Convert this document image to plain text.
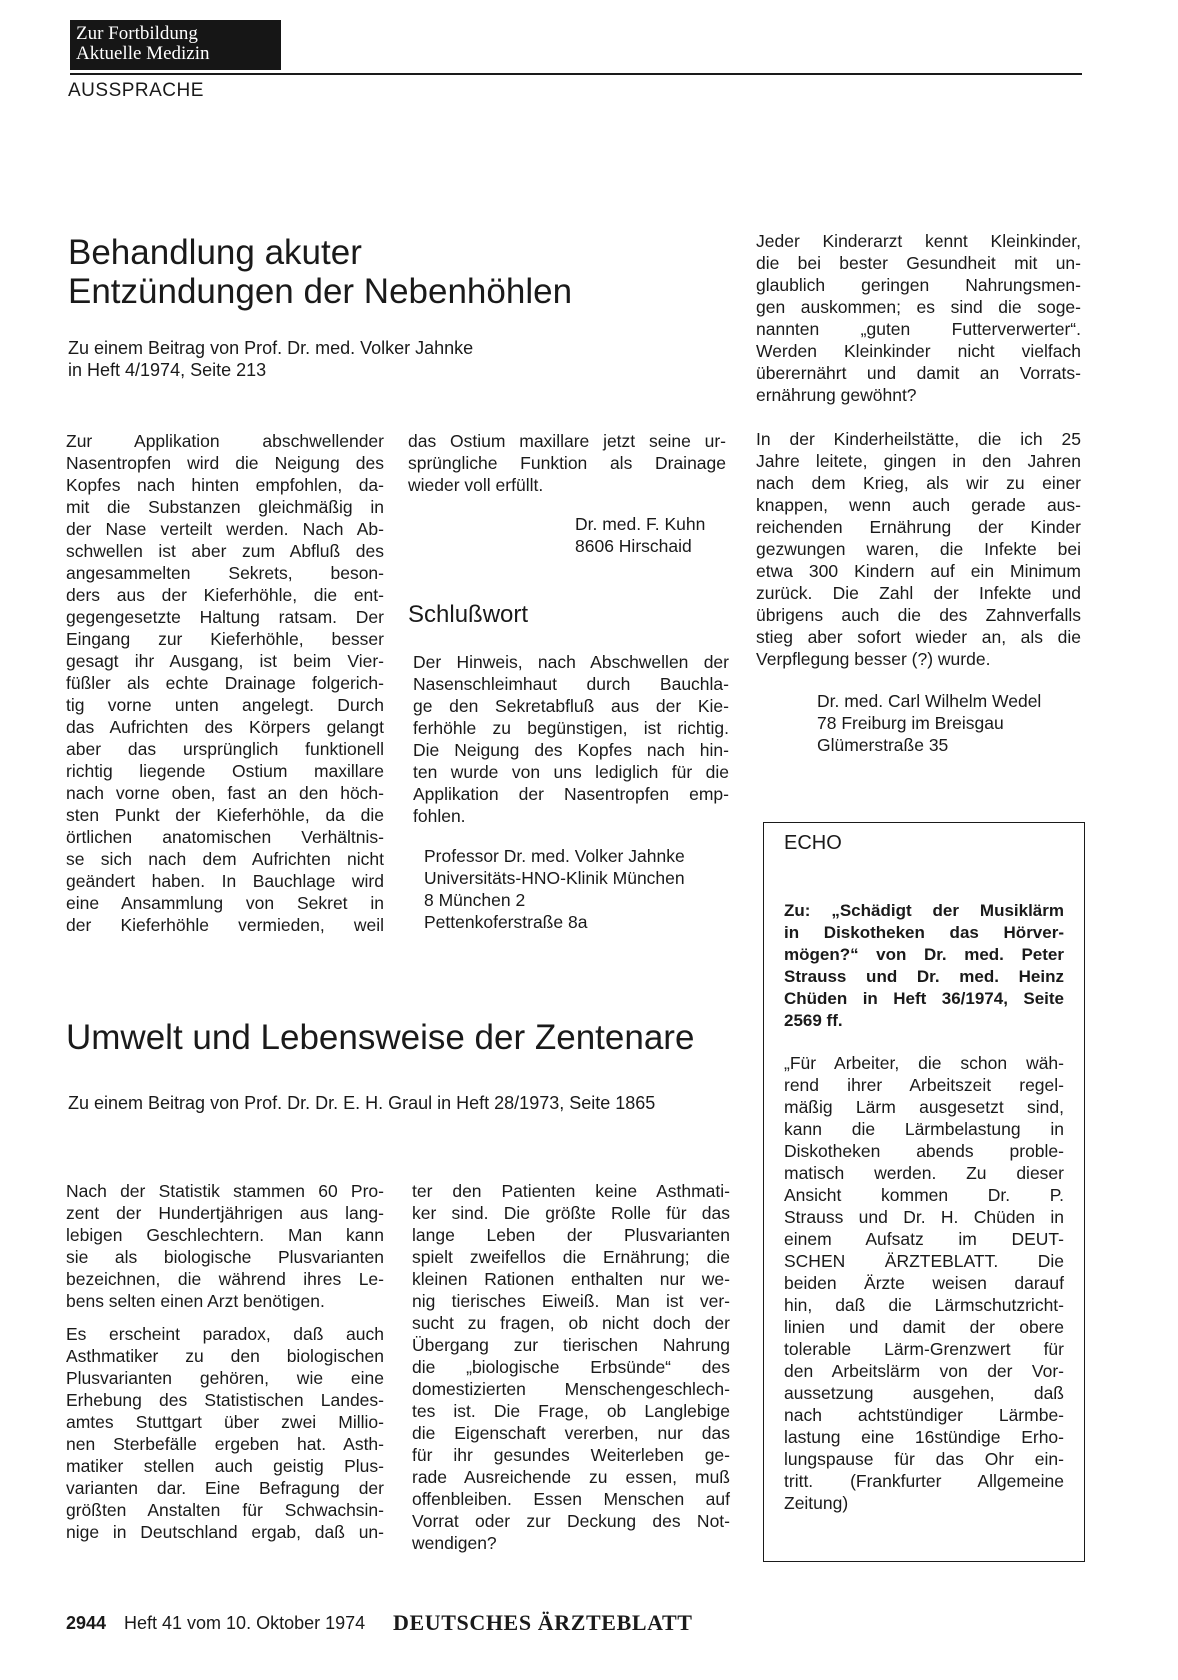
Zur Fortbildung
Aktuelle Medizin
AUSSPRACHE
Behandlung akuter
Entzündungen der Nebenhöhlen
Zu einem Beitrag von Prof. Dr. med. Volker Jahnke
in Heft 4/1974, Seite 213
Zur Applikation abschwellender
Nasentropfen wird die Neigung des
Kopfes nach hinten empfohlen, da-
mit die Substanzen gleichmäßig in
der Nase verteilt werden. Nach Ab-
schwellen ist aber zum Abfluß des
angesammelten Sekrets, beson-
ders aus der Kieferhöhle, die ent-
gegengesetzte Haltung ratsam. Der
Eingang zur Kieferhöhle, besser
gesagt ihr Ausgang, ist beim Vier-
füßler als echte Drainage folgerich-
tig vorne unten angelegt. Durch
das Aufrichten des Körpers gelangt
aber das ursprünglich funktionell
richtig liegende Ostium maxillare
nach vorne oben, fast an den höch-
sten Punkt der Kieferhöhle, da die
örtlichen anatomischen Verhältnis-
se sich nach dem Aufrichten nicht
geändert haben. In Bauchlage wird
eine Ansammlung von Sekret in
der Kieferhöhle vermieden, weil
das Ostium maxillare jetzt seine ur-
sprüngliche Funktion als Drainage
wieder voll erfüllt.
Dr. med. F. Kuhn
8606 Hirschaid
Schlußwort
Der Hinweis, nach Abschwellen der
Nasenschleimhaut durch Bauchla-
ge den Sekretabfluß aus der Kie-
ferhöhle zu begünstigen, ist richtig.
Die Neigung des Kopfes nach hin-
ten wurde von uns lediglich für die
Applikation der Nasentropfen emp-
fohlen.
Professor Dr. med. Volker Jahnke
Universitäts-HNO-Klinik München
8 München 2
Pettenkoferstraße 8a
Jeder Kinderarzt kennt Kleinkinder,
die bei bester Gesundheit mit un-
glaublich geringen Nahrungsmen-
gen auskommen; es sind die soge-
nannten „guten Futterverwerter“.
Werden Kleinkinder nicht vielfach
überernährt und damit an Vorrats-
ernährung gewöhnt?
In der Kinderheilstätte, die ich 25
Jahre leitete, gingen in den Jahren
nach dem Krieg, als wir zu einer
knappen, wenn auch gerade aus-
reichenden Ernährung der Kinder
gezwungen waren, die Infekte bei
etwa 300 Kindern auf ein Minimum
zurück. Die Zahl der Infekte und
übrigens auch die des Zahnverfalls
stieg aber sofort wieder an, als die
Verpflegung besser (?) wurde.
Dr. med. Carl Wilhelm Wedel
78 Freiburg im Breisgau
Glümerstraße 35
ECHO
Zu: „Schädigt der Musiklärm
in Diskotheken das Hörver-
mögen?“ von Dr. med. Peter
Strauss und Dr. med. Heinz
Chüden in Heft 36/1974, Seite
2569 ff.
„Für Arbeiter, die schon wäh-
rend ihrer Arbeitszeit regel-
mäßig Lärm ausgesetzt sind,
kann die Lärmbelastung in
Diskotheken abends proble-
matisch werden. Zu dieser
Ansicht kommen Dr. P.
Strauss und Dr. H. Chüden in
einem Aufsatz im DEUT-
SCHEN ÄRZTEBLATT. Die
beiden Ärzte weisen darauf
hin, daß die Lärmschutzricht-
linien und damit der obere
tolerable Lärm-Grenzwert für
den Arbeitslärm von der Vor-
aussetzung ausgehen, daß
nach achtstündiger Lärmbe-
lastung eine 16stündige Erho-
lungspause für das Ohr ein-
tritt. (Frankfurter Allgemeine
Zeitung)
Umwelt und Lebensweise der Zentenare
Zu einem Beitrag von Prof. Dr. Dr. E. H. Graul in Heft 28/1973, Seite 1865
Nach der Statistik stammen 60 Pro-
zent der Hundertjährigen aus lang-
lebigen Geschlechtern. Man kann
sie als biologische Plusvarianten
bezeichnen, die während ihres Le-
bens selten einen Arzt benötigen.
Es erscheint paradox, daß auch
Asthmatiker zu den biologischen
Plusvarianten gehören, wie eine
Erhebung des Statistischen Landes-
amtes Stuttgart über zwei Millio-
nen Sterbefälle ergeben hat. Asth-
matiker stellen auch geistig Plus-
varianten dar. Eine Befragung der
größten Anstalten für Schwachsin-
nige in Deutschland ergab, daß un-
ter den Patienten keine Asthmati-
ker sind. Die größte Rolle für das
lange Leben der Plusvarianten
spielt zweifellos die Ernährung; die
kleinen Rationen enthalten nur we-
nig tierisches Eiweiß. Man ist ver-
sucht zu fragen, ob nicht doch der
Übergang zur tierischen Nahrung
die „biologische Erbsünde“ des
domestizierten Menschengeschlech-
tes ist. Die Frage, ob Langlebige
die Eigenschaft vererben, nur das
für ihr gesundes Weiterleben ge-
rade Ausreichende zu essen, muß
offenbleiben. Essen Menschen auf
Vorrat oder zur Deckung des Not-
wendigen?
2944 Heft 41 vom 10. Oktober 1974 DEUTSCHES ÄRZTEBLATT
